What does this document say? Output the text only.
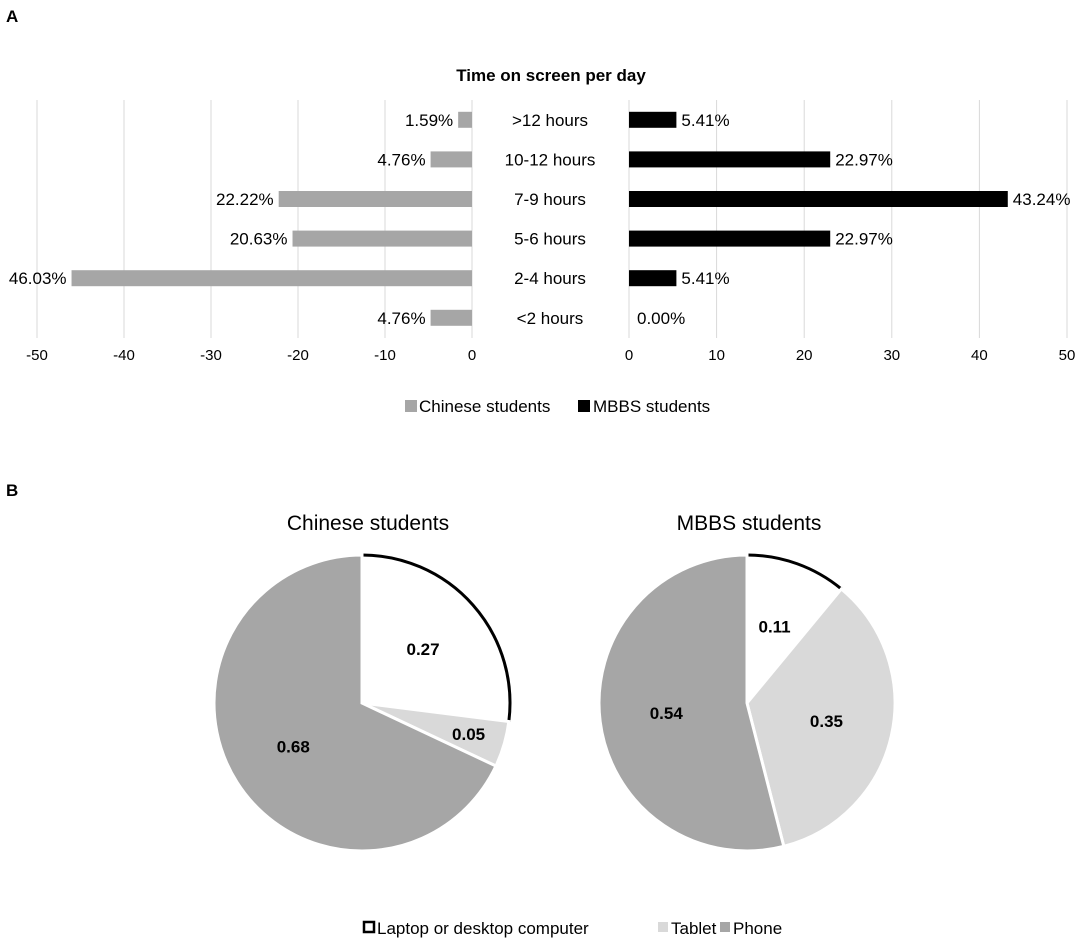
A
Time on screen per day
-50	-40	-30	-20	-10	0	0	10	20	30	40	50
>12 hours
1.59%	5.41%
10-12 hours
4.76%	22.97%
7-9 hours
22.22%	43.24%
5-6 hours
20.63%	22.97%
2-4 hours
46.03%	5.41%
<2 hours
4.76%	0.00%
Chinese students	MBBS students
B
Chinese students
0.27
0.05
0.68
MBBS students
0.11
0.35
0.54
Laptop or desktop computer	Tablet Phone
